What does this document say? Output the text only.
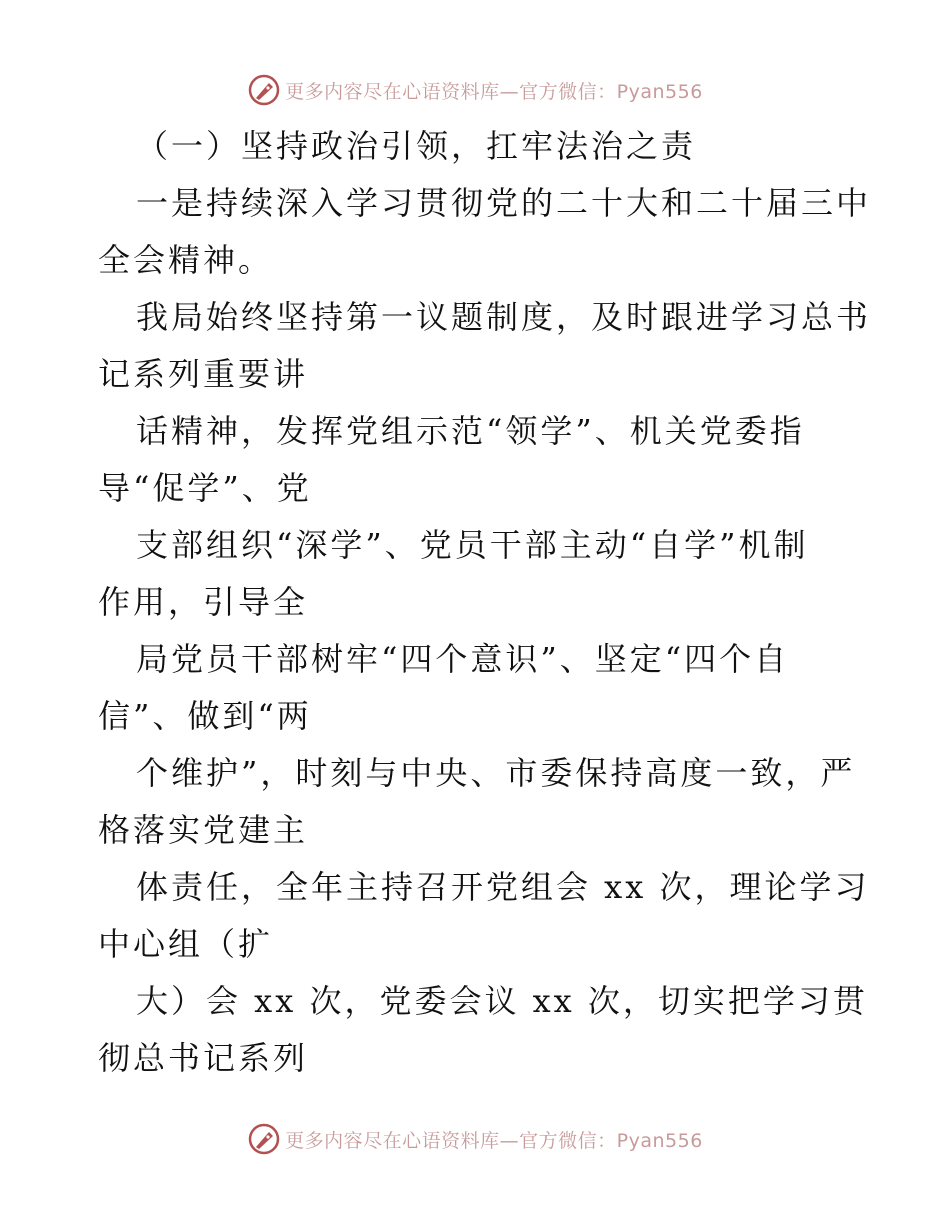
更多内容尽在心语资料库—官方微信：Pyan556
（一）坚持政治引领，扛牢法治之责
一是持续深入学习贯彻党的二十大和二十届三中
全会精神。
我局始终坚持第一议题制度，及时跟进学习总书
记系列重要讲
话精神，发挥党组示范“领学”、机关党委指
导“促学”、党
支部组织“深学”、党员干部主动“自学”机制
作用，引导全
局党员干部树牢“四个意识”、坚定“四个自
信”、做到“两
个维护”，时刻与中央、市委保持高度一致，严
格落实党建主
体责任，全年主持召开党组会 xx 次，理论学习
中心组（扩
大）会 xx 次，党委会议 xx 次，切实把学习贯
彻总书记系列
更多内容尽在心语资料库—官方微信：Pyan556
